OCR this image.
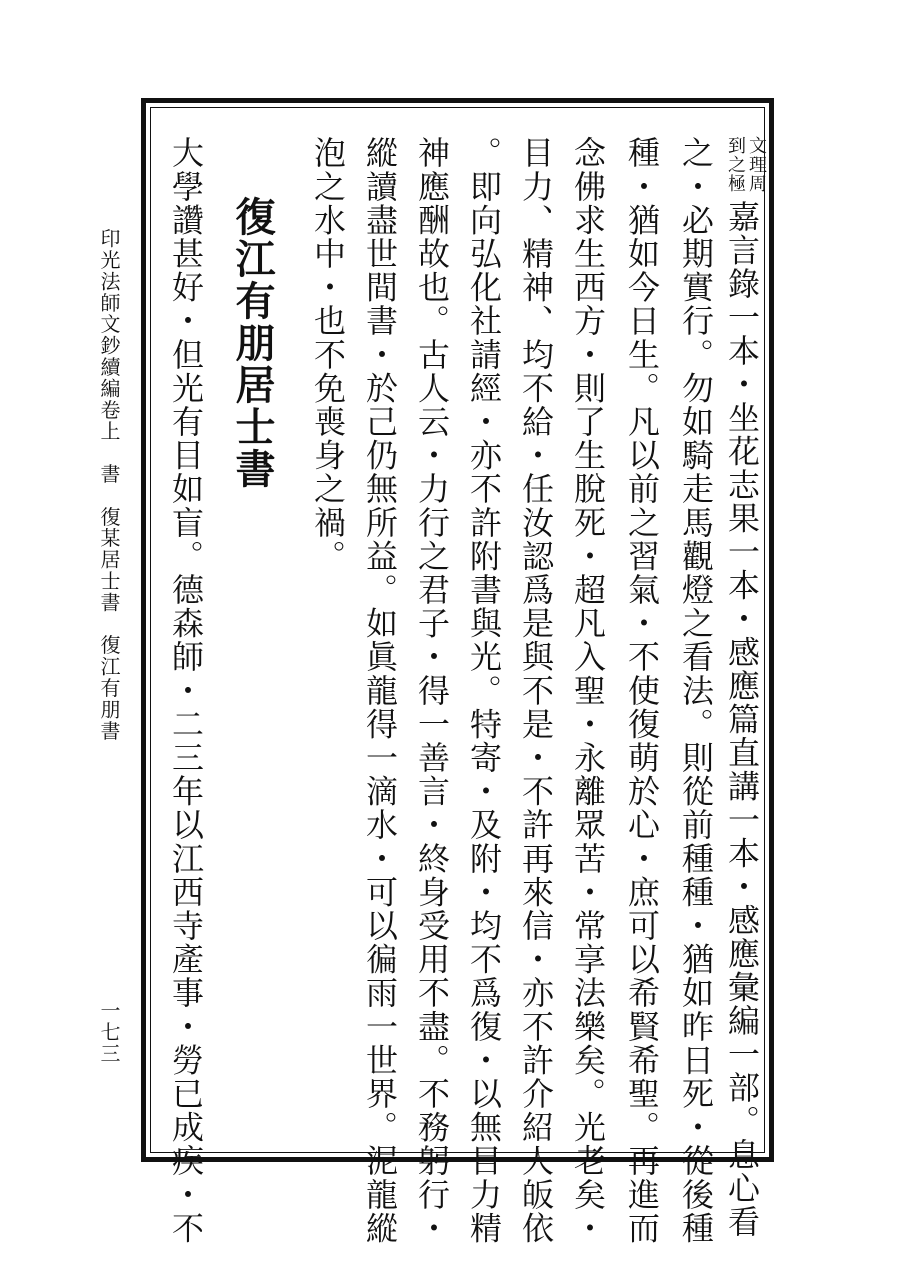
文理周
到之極
嘉言錄一本・坐花志果一本・感應篇直講一本・感應彙編一部。息心看
之・必期實行。勿如騎走馬觀燈之看法。則從前種種・猶如昨日死・從後種
種・猶如今日生。凡以前之習氣・不使復萌於心・庶可以希賢希聖。再進而
念佛求生西方・則了生脫死・超凡入聖・永離眾苦・常享法樂矣。光老矣・
目力、精神、均不給・任汝認爲是與不是・不許再來信・亦不許介紹人皈依
。即向弘化社請經・亦不許附書與光。特寄・及附・均不爲復・以無目力精
神應酬故也。古人云・力行之君子・得一善言・終身受用不盡。不務躬行・
縱讀盡世間書・於己仍無所益。如眞龍得一滴水・可以徧雨一世界。泥龍縱
泡之水中・也不免喪身之禍。
復江有朋居士書
大學讚甚好・但光有目如盲。德森師・二三年以江西寺產事・勞已成疾・不
印光法師文鈔續編卷上　書　復某居士書　復江有朋書
一七三
